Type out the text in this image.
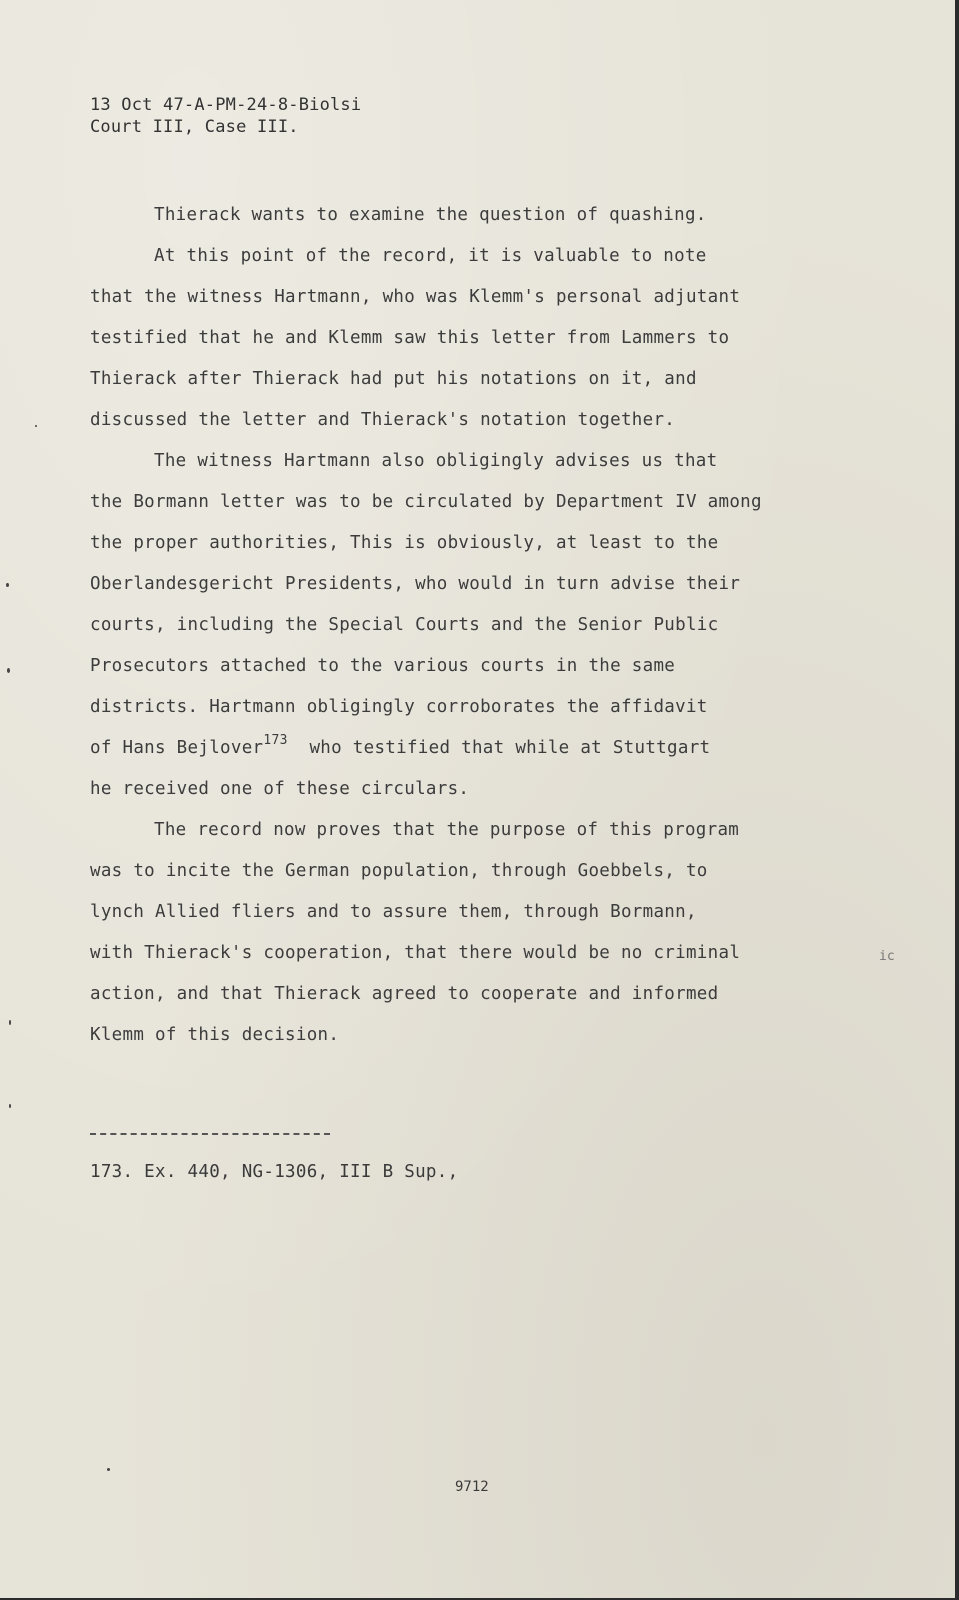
13 Oct 47-A-PM-24-8-Biolsi
Court III, Case III.
Thierack wants to examine the question of quashing.
At this point of the record, it is valuable to note
that the witness Hartmann, who was Klemm's personal adjutant
testified that he and Klemm saw this letter from Lammers to
Thierack after Thierack had put his notations on it, and
discussed the letter and Thierack's notation together.
The witness Hartmann also obligingly advises us that
the Bormann letter was to be circulated by Department IV among
the proper authorities, This is obviously, at least to the
Oberlandesgericht Presidents, who would in turn advise their
courts, including the Special Courts and the Senior Public
Prosecutors attached to the various courts in the same
districts. Hartmann obligingly corroborates the affidavit
of Hans Bejlover$^{173}$ who testified that while at Stuttgart
he received one of these circulars.
The record now proves that the purpose of this program
was to incite the German population, through Goebbels, to
lynch Allied fliers and to assure them, through Bormann,
with Thierack's cooperation, that there would be no criminal
action, and that Thierack agreed to cooperate and informed
Klemm of this decision.
ic
173. Ex. 440, NG-1306, III B Sup.,
9712
